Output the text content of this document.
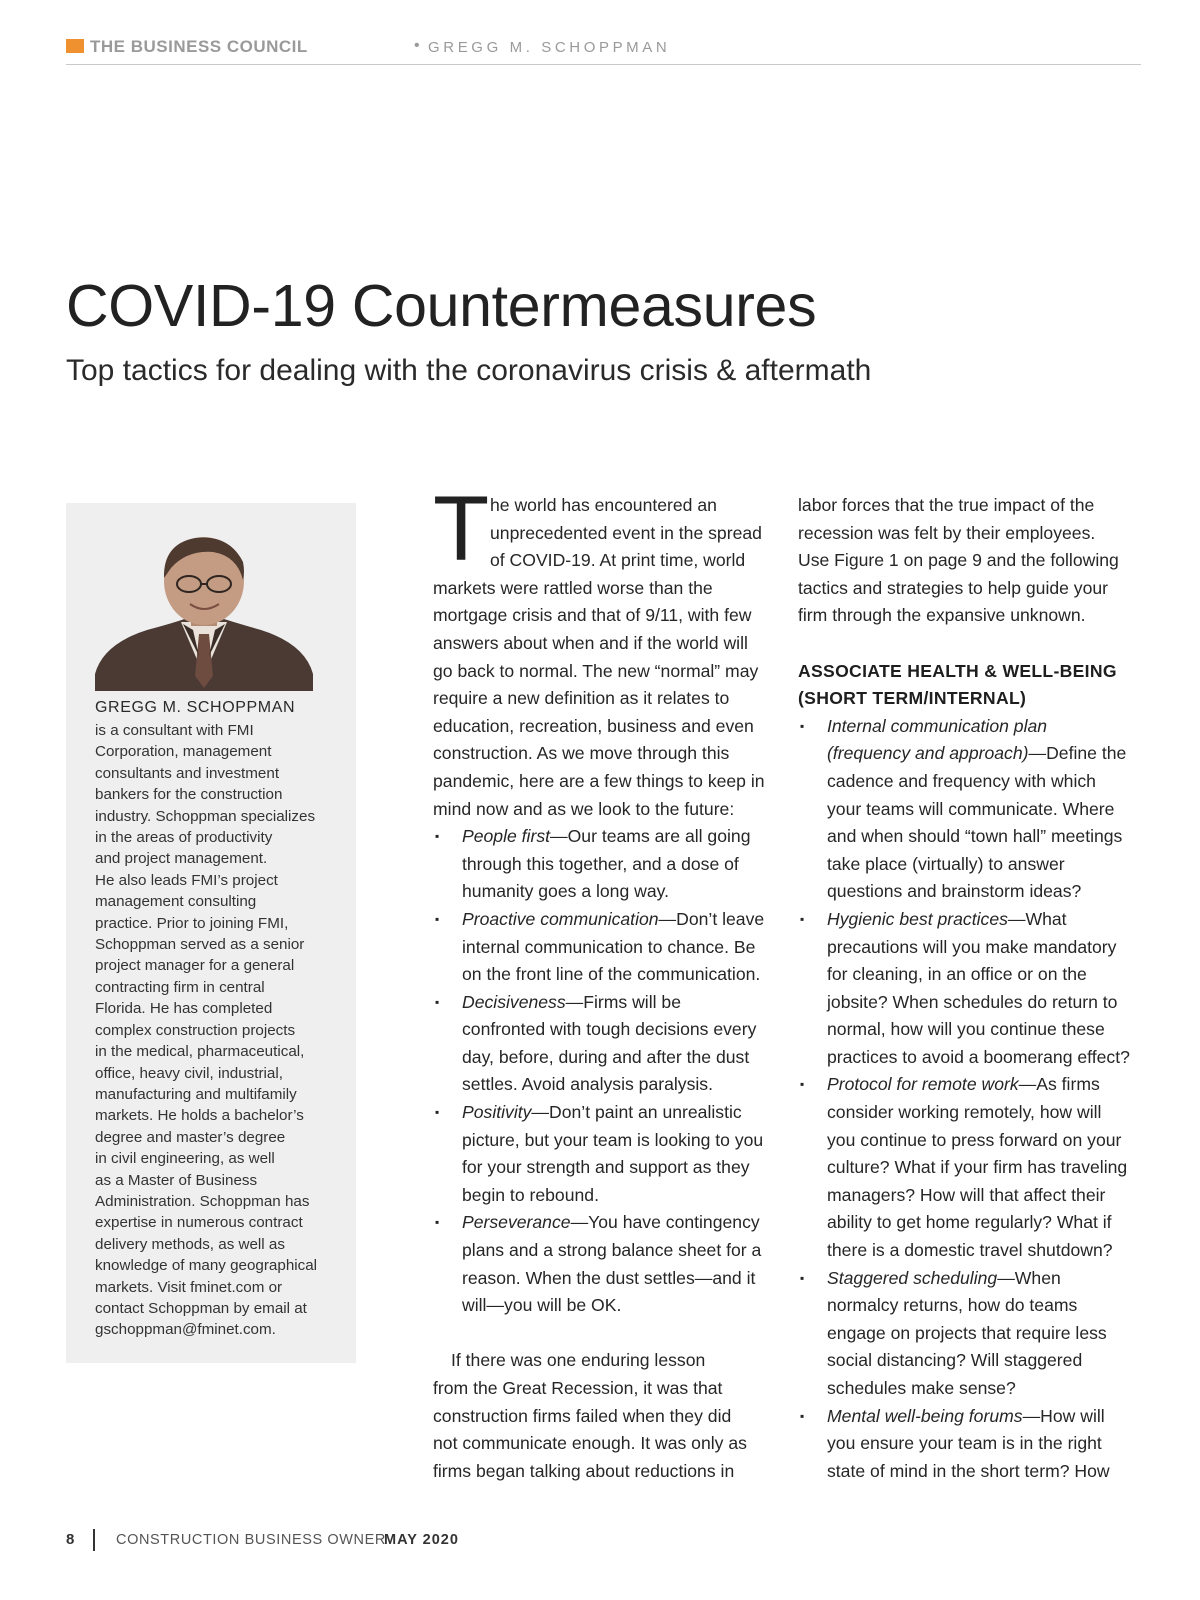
THE BUSINESS COUNCIL	• GREGG M. SCHOPPMAN
COVID-19 Countermeasures
Top tactics for dealing with the coronavirus crisis & aftermath
GREGG M. SCHOPPMAN
is a consultant with FMI
Corporation, management
consultants and investment
bankers for the construction
industry. Schoppman specializes
in the areas of productivity
and project management.
He also leads FMI’s project
management consulting
practice. Prior to joining FMI,
Schoppman served as a senior
project manager for a general
contracting firm in central
Florida. He has completed
complex construction projects
in the medical, pharmaceutical,
office, heavy civil, industrial,
manufacturing and multifamily
markets. He holds a bachelor’s
degree and master’s degree
in civil engineering, as well
as a Master of Business
Administration. Schoppman has
expertise in numerous contract
delivery methods, as well as
knowledge of many geographical
markets. Visit fminet.com or
contact Schoppman by email at
gschoppman@fminet.com.
T he world has encountered an
unprecedented event in the spread
of COVID-19. At print time, world
markets were rattled worse than the
mortgage crisis and that of 9/11, with few
answers about when and if the world will
go back to normal. The new “normal” may
require a new definition as it relates to
education, recreation, business and even
construction. As we move through this
pandemic, here are a few things to keep in
mind now and as we look to the future:
▪ People first—Our teams are all going
through this together, and a dose of
humanity goes a long way.
▪ Proactive communication—Don’t leave
internal communication to chance. Be
on the front line of the communication.
▪ Decisiveness—Firms will be
confronted with tough decisions every
day, before, during and after the dust
settles. Avoid analysis paralysis.
▪ Positivity—Don’t paint an unrealistic
picture, but your team is looking to you
for your strength and support as they
begin to rebound.
▪ Perseverance—You have contingency
plans and a strong balance sheet for a
reason. When the dust settles—and it
will—you will be OK.
If there was one enduring lesson
from the Great Recession, it was that
construction firms failed when they did
not communicate enough. It was only as
firms began talking about reductions in
labor forces that the true impact of the
recession was felt by their employees.
Use Figure 1 on page 9 and the following
tactics and strategies to help guide your
firm through the expansive unknown.
ASSOCIATE HEALTH & WELL-BEING
(SHORT TERM/INTERNAL)
▪ Internal communication plan
(frequency and approach)—Define the
cadence and frequency with which
your teams will communicate. Where
and when should “town hall” meetings
take place (virtually) to answer
questions and brainstorm ideas?
▪ Hygienic best practices—What
precautions will you make mandatory
for cleaning, in an office or on the
jobsite? When schedules do return to
normal, how will you continue these
practices to avoid a boomerang effect?
▪ Protocol for remote work—As firms
consider working remotely, how will
you continue to press forward on your
culture? What if your firm has traveling
managers? How will that affect their
ability to get home regularly? What if
there is a domestic travel shutdown?
▪ Staggered scheduling—When
normalcy returns, how do teams
engage on projects that require less
social distancing? Will staggered
schedules make sense?
▪ Mental well-being forums—How will
you ensure your team is in the right
state of mind in the short term? How
8	CONSTRUCTION BUSINESS OWNER
MAY 2020
